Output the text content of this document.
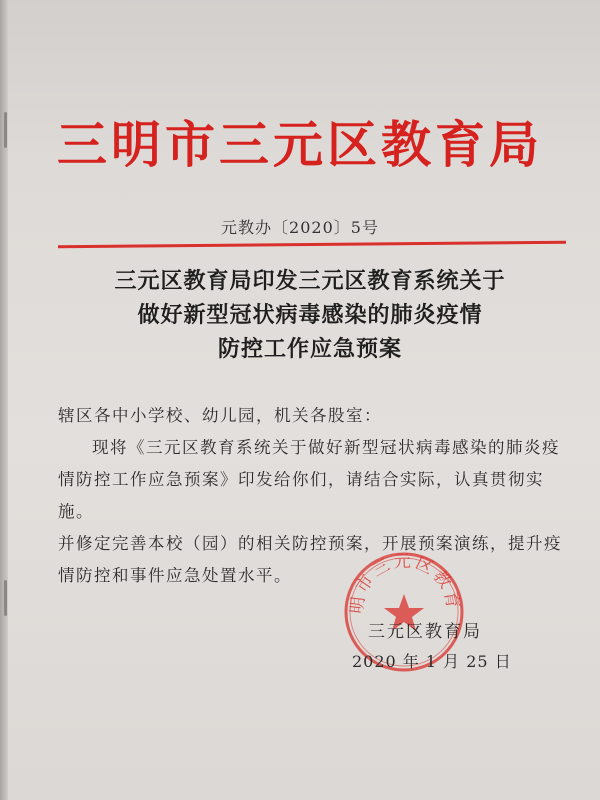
三明市三元区教育局
元教办〔2020〕5号
三元区教育局印发三元区教育系统关于
做好新型冠状病毒感染的肺炎疫情
防控工作应急预案

辖区各中小学校、幼儿园，机关各股室：

现将《三元区教育系统关于做好新型冠状病毒感染的肺炎疫

情防控工作应急预案》印发给你们，请结合实际，认真贯彻实施。

并修定完善本校（园）的相关防控预案，开展预案演练，提升疫

情防控和事件应急处置水平。

明市三元区教育
三元区教育局
2020 年 1 月 25 日
